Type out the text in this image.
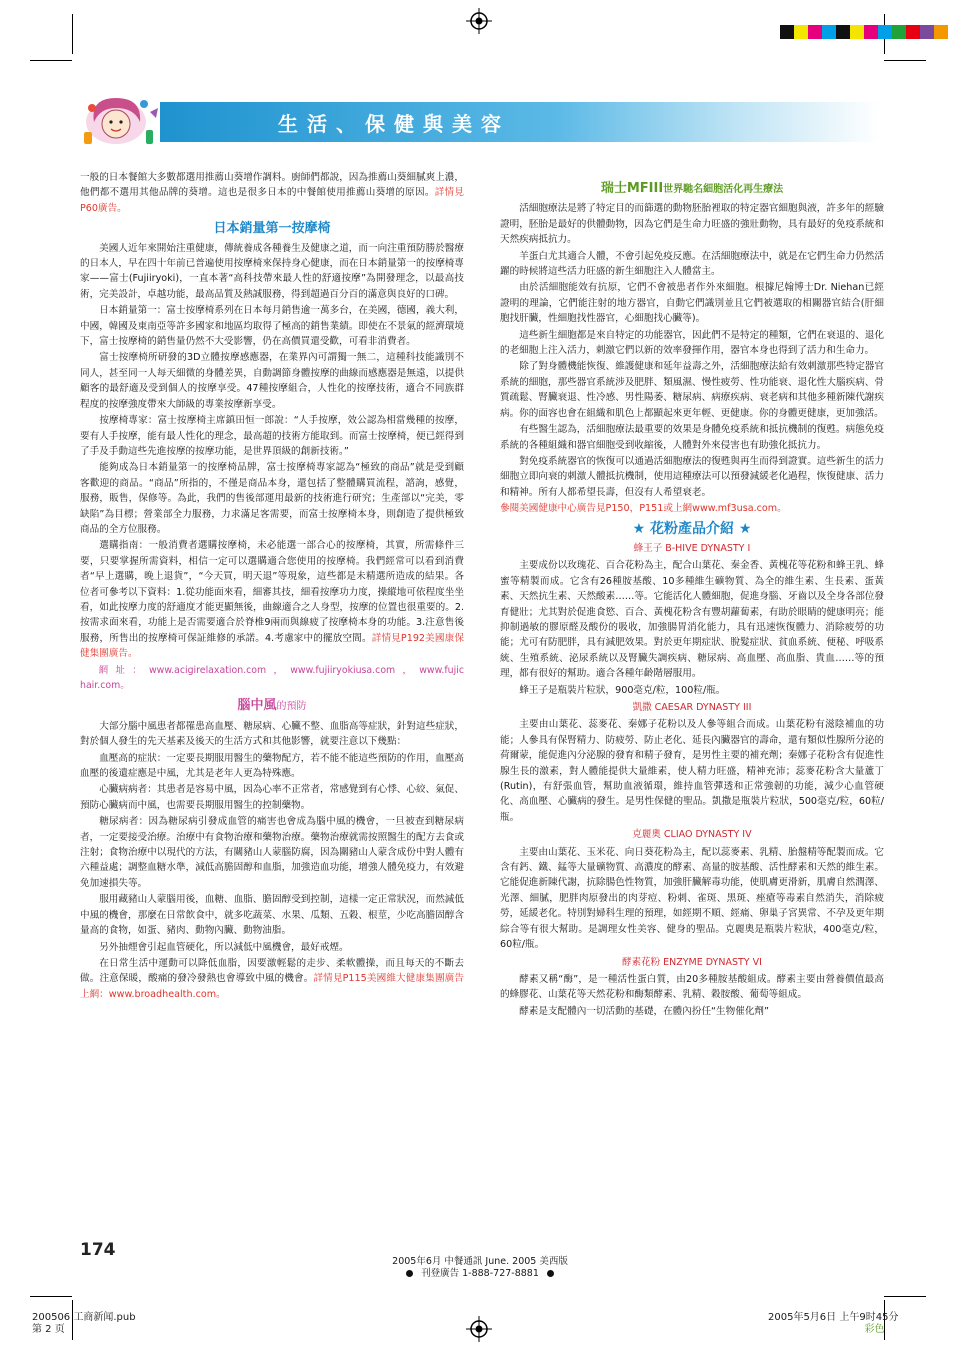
生活、保健與美容

一般的日本餐館大多數都選用推薦山葵增作調料。廚師們都說，因為推薦山葵細膩爽上濃，他們都不選用其他品牌的葵增。這也是很多日本的中餐館使用推薦山葵增的原因。詳情見P60廣告。

日本銷量第一按摩椅

美國人近年來開始注重健康，傳統養成各種養生及健康之道，而一向注重預防勝於醫療的日本人，早在四十年前已普遍使用按摩椅來保持身心健康，而在日本銷量第一的按摩椅專家——富士(Fujiiryoki)，一直本著“高科技帶來最人性的舒適按摩”為開發理念，以最高技術，完美設計，卓越功能，最高品質及熱誠服務，得到超過百分百的滿意與良好的口碑。

日本銷量第一：富士按摩椅系列在日本每月銷售逾一萬多台，在美國，德國，義大利，中國，韓國及東南亞等許多國家和地區均取得了極高的銷售業績。即使在不景氣的經濟環境下，富士按摩椅的銷售量仍然不大受影響，仍在高價買還受歡，可看非消費者。

富士按摩椅所研發的3D立體按摩感應器，在業界內可謂獨一無二，這種科技能識別不同人，甚至同一人每天細微的身體差異，自動調節身體按摩的曲線而感應器是無遠，以提供顧客的最舒適及受到個人的按摩享受。47種按摩組合，人性化的按摩技術，適合不同族群程度的按摩強度帶來大師級的專業按摩新享受。

按摩椅專家：富士按摩椅主席鎮田恒一郎說：“人手按摩，效公認為相當幾種的按摩，要有人手按摩，能有最人性化的理念，最高超的技術方能取到。而富士按摩椅，便已經得到了手及手動這些先進按摩的按摩功能，是世界頂級的創新技術。”

能夠成為日本銷量第一的按摩椅品牌，富士按摩椅專家認為“極致的商品”就是受到顧客歡迎的商品。“商品”所指的，不僅是商品本身，還包括了整體購買流程，諮詢，感覺，服務，販售，保修等。為此，我們的售後部運用最新的技術進行研究；生產部以“完美，零缺陷”為目標；營業部全力服務，力求滿足客需要，而富士按摩椅本身，則創造了提供極致商品的全方位服務。

選購指南：一般消費者選購按摩椅，未必能選一部合心的按摩椅，其實，所需條件三要，只要掌握所需資料，相信一定可以選購適合您使用的按摩椅。我們經常可以看到消費者“早上選購，晚上退貨”，“今天買，明天退”等現象，這些都是未精選所造成的結果。各位者可參考以下資料：1.從功能面來看，細審其技，細看按摩功力度，操縱地可依程度坐坐看，如此按摩力度的舒適度才能更顯無後，曲線適合之人身型，按摩的位置也很重要的。2.按需求面來看，功能上是否需要適合於脊椎9兩而與線疲了按摩椅本身的功能。3.注意售後服務，所售出的按摩椅可保証維修的承諾。4.考慮家中的擺放空間。詳情見P192美國康保健集團廣告。

網址：www.acigirelaxation.com，www.fujiiryokiusa.com，www.fujic hair.com。

腦中風的預防

大部分腦中風患者都罹患高血壓、糖尿病、心臟不整、血脂高等症狀，針對這些症狀，對於個人發生的先天基素及後天的生活方式和其他影響，就要注意以下幾點：

血壓高的症狀：一定要長期服用醫生的藥物配方，若不能不能這些預防的作用，血壓高血壓的後遺症應是中風，尤其是老年人更為特殊應。

心臟病病者：其患者是容易中風，因為心率不正常者，常感覺到有心悸、心絞、氣促、預防心臟病而中風，也需要長期服用醫生的控制藥物。

糖尿病者：因為糖尿病引發成血管的痛害也會成為腦中風的機會，一旦被查到糖尿病者，一定要接受治療。治療中有食物治療和藥物治療。藥物治療就需按照醫生的配方去食或注射；食物治療中以現代的方法，有關豬山人蒙腦防腐，因為關豬山人蒙含成份中對人體有六種益處；調整血糖水準，減低高膽固醇和血脂，加強造血功能，增強人體免疫力，有效避免加速損失等。

服用藏豬山人蒙腦用後，血糖、血脂、膽固醇受到控制，這樣一定正常狀況，而然減低中風的機會，那麼在日常飲食中，就多吃蔬菜、水果、瓜類、五穀、根莖，少吃高膽固醇含量高的食物，如蛋、豬肉、動物內臟、動物油脂。

另外抽煙會引起血管硬化，所以減低中風機會，最好戒煙。

在日常生活中運動可以降低血脂，因要激輕鬆的走步、柔軟體操，而且每天的不斷去做。注意保暖，酸痛的發冷發熱也會導致中風的機會。詳情見P115美國維大健康集團廣告上網：www.broadhealth.com。

瑞士MFIII世界馳名細胞活化再生療法

活細胞療法是將了特定目的而篩選的動物胚胎裡取的特定器官細胞與液，許多年的經驗證明，胚胎是最好的供體動物，因為它們是生命力旺盛的強壯動物，具有最好的免疫系統和天然疾病抵抗力。

羊蛋白尤其適合人體，不會引起免疫反應。在活細胞療法中，就是在它們生命力仍然活躍的時候將這些活力旺盛的新生細胞注入人體當主。

由於活細胞能效有抗原，它們不會被患者作外來細胞。根據尼翰博士Dr. Niehan已經證明的理論，它們能注射的地方器官，自動它們識別並且它們被選取的相關器官結合(肝細胞找肝臟，性細胞找性器官，心細胞找心臟等)。

這些新生細胞都是來自特定的功能器官，因此們不是特定的種類，它們在衰退的、退化的老細胞上注入活力，刺激它們以新的效率發揮作用，器官本身也得到了活力和生命力。

除了對身體機能恢復、維護健康和延年益壽之外，活細胞療法給有效刺激那些特定器官系統的細胞，那些器官系統涉及肥胖、類風濕、慢性疲勞、性功能衰、退化性大腦疾病、骨質疏鬆、腎臟衰退、性冷感、男性陽萎、糖尿病、病療疾病、衰老病和其他多種新陳代謝疾病。你的面容也會在組織和肌色上都顯起來更年輕、更健康。你的身體更健康，更加強活。

有些醫生認為，活細胞療法最重要的效果是身體免疫系統和抵抗機制的復甦。病態免疫系統的各種組織和器官細胞受到收縮後，人體對外來侵害也有助強化抵抗力。

對免疫系統器官的恢復可以通過活細胞療法的復甦與再生而得到證實。這些新生的活力細胞立即向衰的刺激人體抵抗機制，使用這種療法可以預發減緩老化過程，恢復健康、活力和精神。所有人都希望長壽，但沒有人希望衰老。

參閱美國健康中心廣告見P150，P151或上網www.mf3usa.com。

★ 花粉產品介紹 ★
蜂王子 B-HIVE DYNASTY I

主要成份以玫瑰花、百合花粉為主，配合山葉花、秦金香、黃槐花等花粉和蜂王乳、蜂蜜等精製而成。它含有26種胺基酸、10多種維生礦物質、為全的維生素、生長素、蛋黃素、天然抗生素、天然酸素……等。它能活化人體細胞，促進身腦、牙齒以及全身各部位發育健壯；尤其對於促進食慾、百合、黃槐花粉含有豐胡蘿蔔素，有助於眼睛的健康明亮；能抑制過敏的膠原醛及酸份的吸收，加強腸胃消化能力，具有迅速恢復體力、消除疲勞的功能；尤可有防肥胖，具有減肥效果。對於更年期症狀、脫髮症狀、貧血系統、便秘、呼吸系統、生殖系統、泌尿系統以及腎臟失調疾病、糖尿病、高血壓、高血脂、貴血……等的預理，都有很好的幫助。適合各種年齡階層服用。

蜂王子是瓶裝片粒狀，900毫克/粒，100粒/瓶。

凱撒 CAESAR DYNASTY III

主要由山葉花、蕊麥花、秦娜子花粉以及人參等組合而成。山葉花粉有滋陰補血的功能；人參具有保腎精力、防疲勞、防止老化、延長內臟器官的壽命，還有類似性腺所分泌的荷爾蒙，能促進內分泌腺的發育和精子發育，是男性主要的補充劑；秦娜子花粉含有促進性腺生長的激素，對人體能提供大量維素，使人精力旺盛，精神充沛；蕊麥花粉含大量蘆丁(Rutin)，有舒張血管，幫助血液循環，維持血管彈透和正常強韌的功能，減少心血管硬化、高血壓、心臟病的發生。是男性保健的聖品。凱撒是瓶裝片粒狀，500毫克/粒，60粒/瓶。

克麗奧 CLIAO DYNASTY IV

主要由山葉花、玉米花、向日葵花粉為主，配以蕊麥素、乳精、胎盤精等配製而成。它含有鈣、鐵、錳等大量礦物質、高濃度的酵素、高量的胺基酸、活性酵素和天然的維生素。它能促進新陳代謝，抗除腸色性物質，加強肝臟解毒功能，使肌膚更滑新，肌膚自然潤澤、光澤、細膩，肥胖肉原發出的肉芽痘、粉刺、雀斑、黑斑、痤瘡等毒素自然消失，消除疲勞，延緩老化。特別對婦科生理的預理，如經期不順、經痛、卵巢子宮異常、不孕及更年期綜合等有很大幫助。是調理女性美容、健身的聖品。克麗奧是瓶裝片粒狀，400毫克/粒，60粒/瓶。

酵素花粉 ENZYME DYNASTY VI

酵素又稱“酶”，是一種活性蛋白質，由20多種胺基酸組成。酵素主要由營養價值最高的蜂膠花、山葉花等天然花粉和酶類酵素、乳精、穀胺酸、葡萄等組成。

酵素是支配體內一切活動的基礎，在體內扮任“生物催化劑”

174
2005年6月 中餐通訊 June. 2005 美西版
刊登廣告 1-888-727-8881
200506 工商新闻.pub
第 2 页
2005年5月6日 上午9时45分
彩色
